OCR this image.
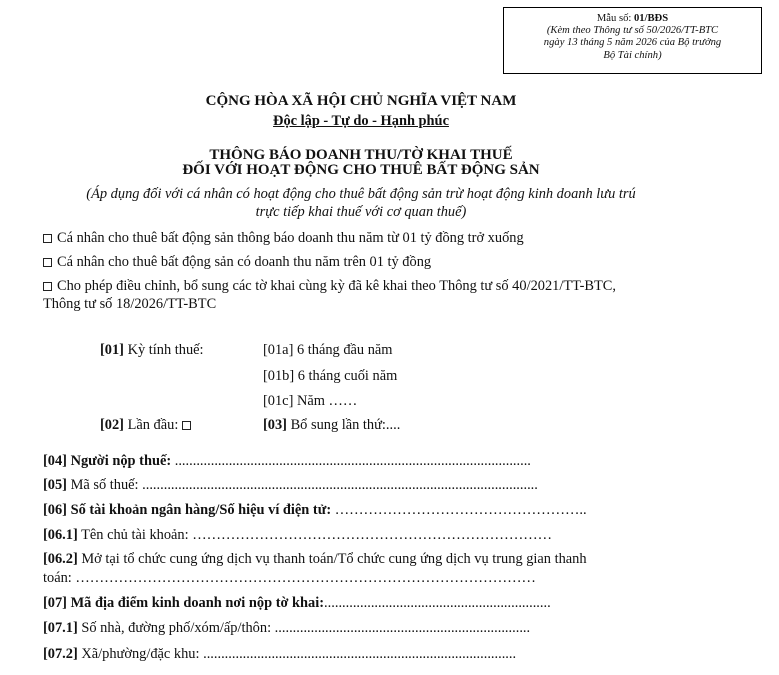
Mẫu số: 01/BĐS
(Kèm theo Thông tư số 50/2026/TT-BTC
ngày 13 tháng 5 năm 2026 của Bộ trưởng
Bộ Tài chính)
CỘNG HÒA XÃ HỘI CHỦ NGHĨA VIỆT NAM
Độc lập - Tự do - Hạnh phúc
THÔNG BÁO DOANH THU/TỜ KHAI THUẾ
ĐỐI VỚI HOẠT ĐỘNG CHO THUÊ BẤT ĐỘNG SẢN
(Áp dụng đối với cá nhân có hoạt động cho thuê bất động sản trừ hoạt động kinh doanh lưu trú
trực tiếp khai thuế với cơ quan thuế)
Cá nhân cho thuê bất động sản thông báo doanh thu năm từ 01 tỷ đồng trở xuống
Cá nhân cho thuê bất động sản có doanh thu năm trên 01 tỷ đồng
Cho phép điều chỉnh, bổ sung các tờ khai cùng kỳ đã kê khai theo Thông tư số 40/2021/TT-BTC,
Thông tư số 18/2026/TT-BTC
[01] Kỳ tính thuế:	[01a] 6 tháng đầu năm
[01b] 6 tháng cuối năm
[01c] Năm ……
[02] Lần đầu:	[03] Bổ sung lần thứ:....
[04] Người nộp thuế: ...................................................................................................
[05] Mã số thuế: ..............................................................................................................
[06] Số tài khoản ngân hàng/Số hiệu ví điện tử: ……………………………………………..
[06.1] Tên chủ tài khoản: …………………………………………………………………
[06.2] Mở tại tổ chức cung ứng dịch vụ thanh toán/Tổ chức cung ứng dịch vụ trung gian thanh
toán: ……………………………………………………………………………………
[07] Mã địa điểm kinh doanh nơi nộp tờ khai:...............................................................
[07.1] Số nhà, đường phố/xóm/ấp/thôn: .......................................................................
[07.2] Xã/phường/đặc khu: .......................................................................................
